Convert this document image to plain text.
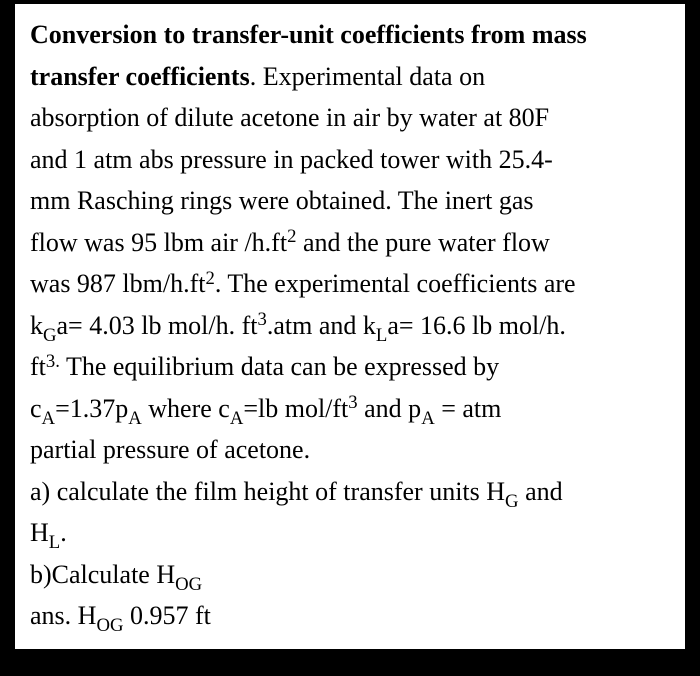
Conversion to transfer-unit coefficients from mass
transfer coefficients. Experimental data on
absorption of dilute acetone in air by water at 80F
and 1 atm abs pressure in packed tower with 25.4-
mm Rasching rings were obtained. The inert gas
flow was 95 lbm air $/h.ft^2$ and the pure water flow
was 987 lbm/$h.ft^2$. The experimental coefficients are
$k_Ga= 4.03$ lb mol/h. $ft^3.atm$ and $k_La= 16.6$ lb mol/h.
$ft^{3.}$ The equilibrium data can be expressed by
$c_A=1.37p_A$ where $c_A=lb$ mol/$ft^3$ and $p_A$ = atm
partial pressure of acetone.
a) calculate the film height of transfer units $H_G$ and
$H_L$.
b)Calculate $H_{OG}$
ans. $H_{OG}$ 0.957 ft
